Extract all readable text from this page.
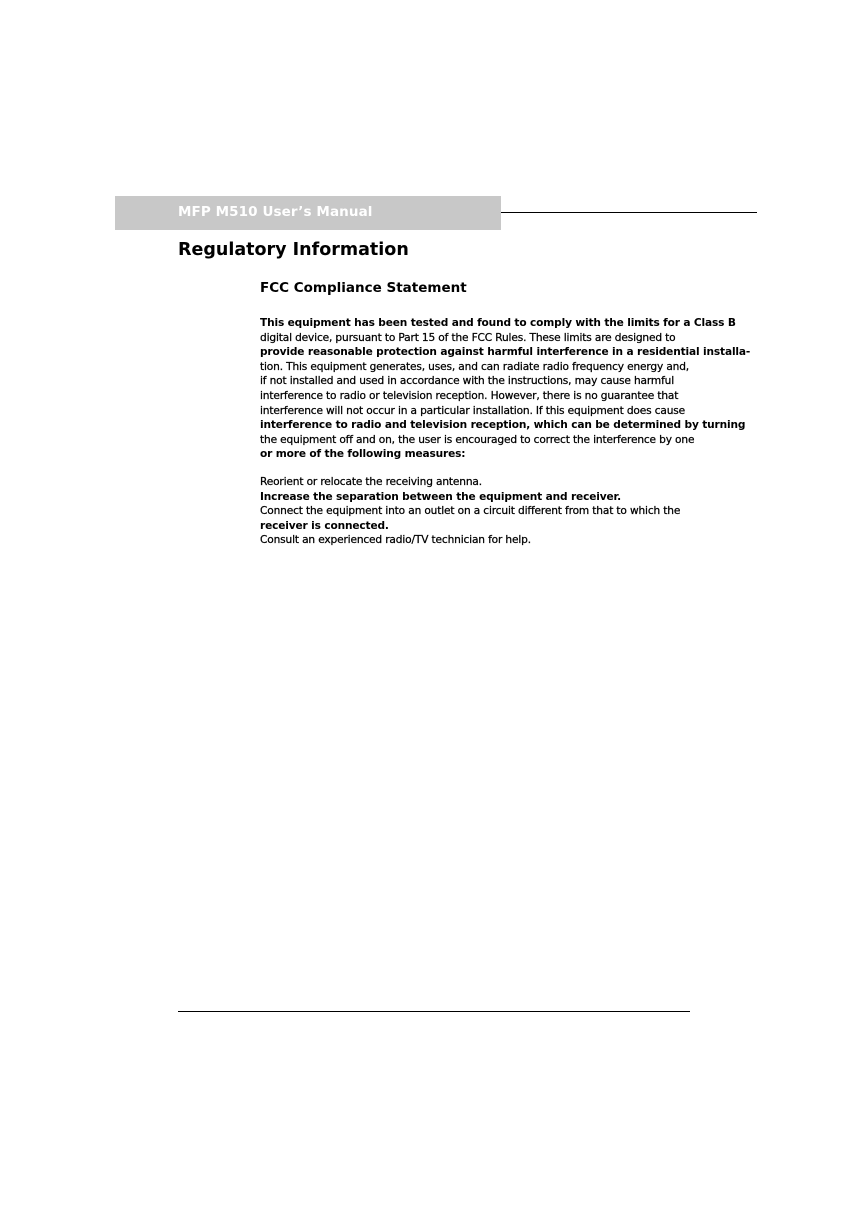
MFP M510 User’s Manual
Regulatory Information
FCC Compliance Statement
This equipment has been tested and found to comply with the limits for a Class B
digital device, pursuant to Part 15 of the FCC Rules. These limits are designed to
provide reasonable protection against harmful interference in a residential installa-
tion. This equipment generates, uses, and can radiate radio frequency energy and,
if not installed and used in accordance with the instructions, may cause harmful
interference to radio or television reception. However, there is no guarantee that
interference will not occur in a particular installation. If this equipment does cause
interference to radio and television reception, which can be determined by turning
the equipment off and on, the user is encouraged to correct the interference by one
or more of the following measures:
Reorient or relocate the receiving antenna.
Increase the separation between the equipment and receiver.
Connect the equipment into an outlet on a circuit different from that to which the
receiver is connected.
Consult an experienced radio/TV technician for help.
